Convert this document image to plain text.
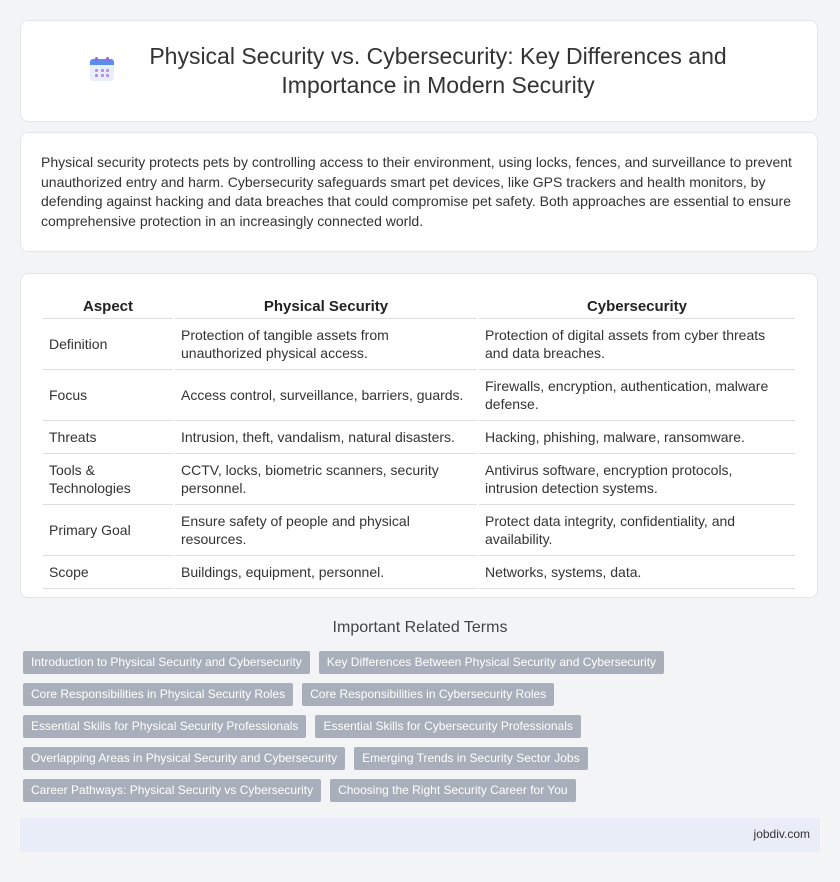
Physical Security vs. Cybersecurity: Key Differences and Importance in Modern Security

Physical security protects pets by controlling access to their environment, using locks, fences, and surveillance to prevent unauthorized entry and harm. Cybersecurity safeguards smart pet devices, like GPS trackers and health monitors, by defending against hacking and data breaches that could compromise pet safety. Both approaches are essential to ensure comprehensive protection in an increasingly connected world.

Aspect	Physical Security	Cybersecurity
Definition	Protection of tangible assets from unauthorized physical access.	Protection of digital assets from cyber threats and data breaches.
Focus	Access control, surveillance, barriers, guards.	Firewalls, encryption, authentication, malware defense.
Threats	Intrusion, theft, vandalism, natural disasters.	Hacking, phishing, malware, ransomware.
Tools & Technologies	CCTV, locks, biometric scanners, security personnel.	Antivirus software, encryption protocols, intrusion detection systems.
Primary Goal	Ensure safety of people and physical resources.	Protect data integrity, confidentiality, and availability.
Scope	Buildings, equipment, personnel.	Networks, systems, data.
Important Related Terms
Introduction to Physical Security and Cybersecurity	Key Differences Between Physical Security and Cybersecurity
Core Responsibilities in Physical Security Roles	Core Responsibilities in Cybersecurity Roles
Essential Skills for Physical Security Professionals	Essential Skills for Cybersecurity Professionals
Overlapping Areas in Physical Security and Cybersecurity	Emerging Trends in Security Sector Jobs
Career Pathways: Physical Security vs Cybersecurity	Choosing the Right Security Career for You
jobdiv.com
